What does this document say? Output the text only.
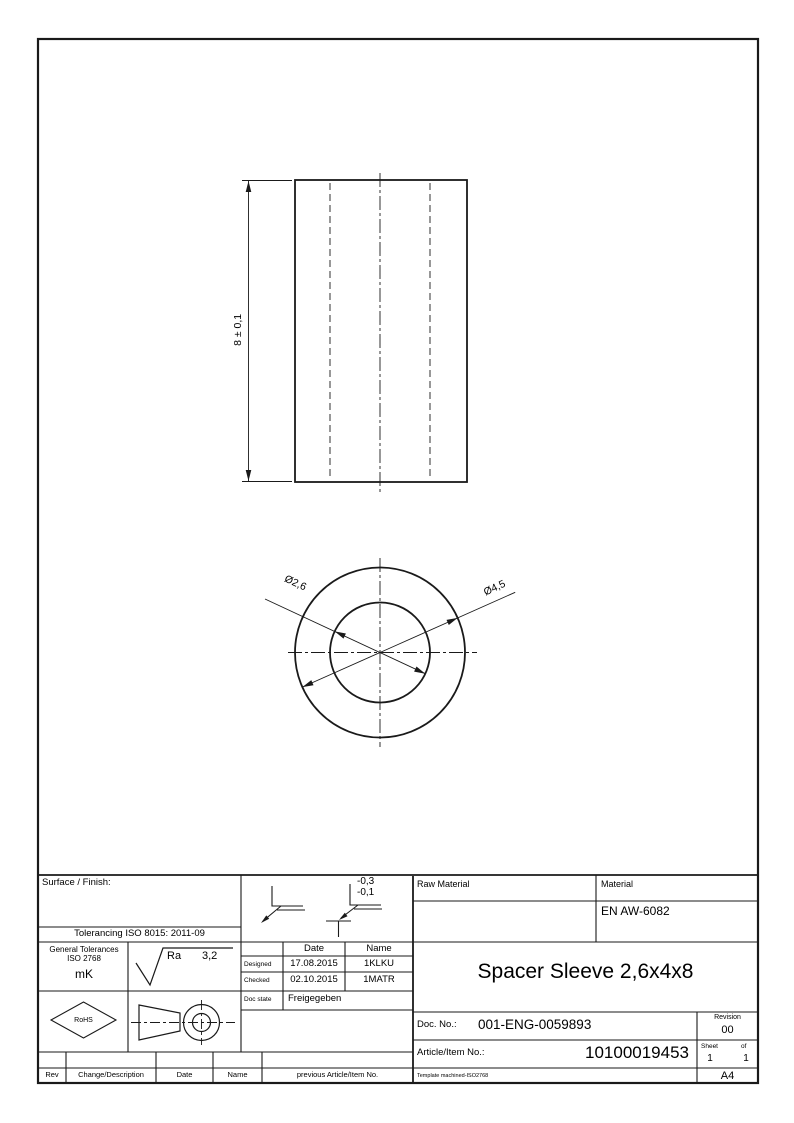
8 ± 0,1
Ø2,6	Ø4,5
Surface / Finish:
Tolerancing ISO 8015: 2011-09
-0,3
-0,1
General Tolerances
ISO 2768
mK
Ra 3,2
RoHS
Date	Name
Designed	17.08.2015	1KLKU
Checked	02.10.2015	1MATR
Doc state Freigegeben
Rev	Change/Description	Date	Name	previous Article/Item No.
Raw Material	Material
EN AW-6082
Spacer Sleeve 2,6x4x8
Doc. No.: 001-ENG-0059893	Revision
00
Article/Item No.:	10100019453 Sheet	of
1	1
Template machined-ISO2768	A4
